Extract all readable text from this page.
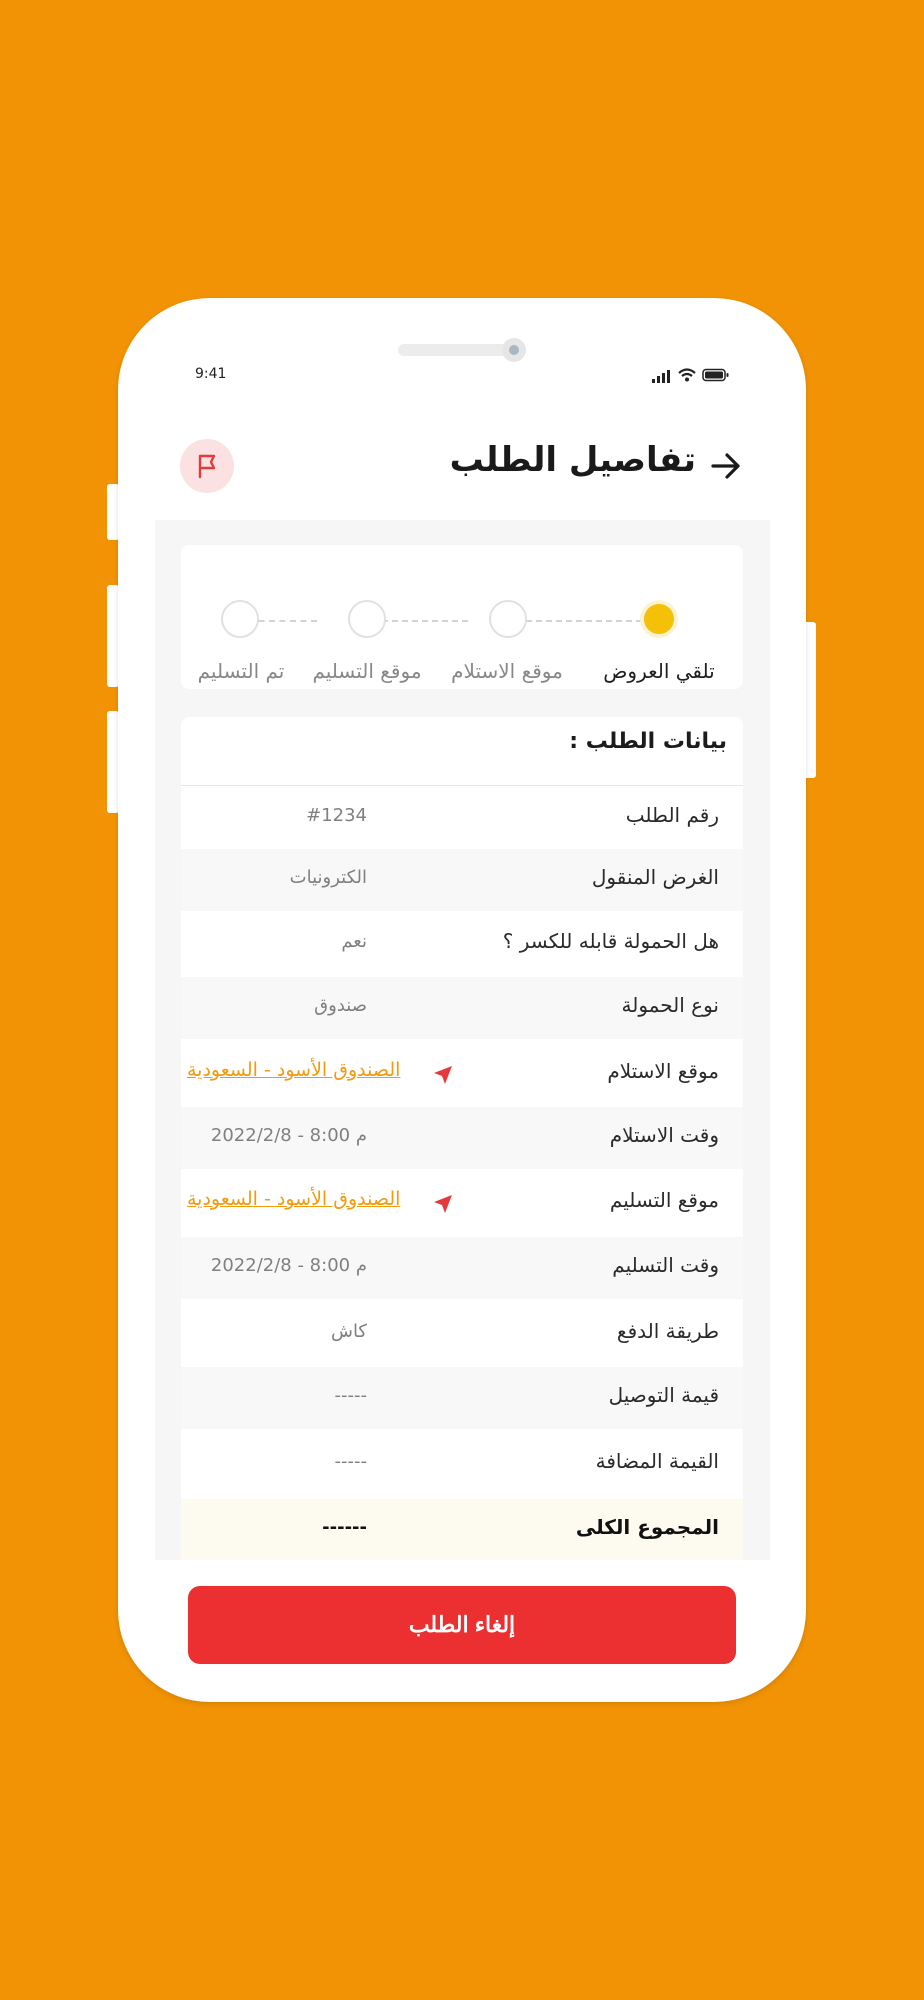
9:41
تفاصيل الطلب
تلقي العروض
موقع الاستلام
موقع التسليم
تم التسليم
بيانات الطلب :
رقم الطلب
#1234
الغرض المنقول
الكترونيات
هل الحمولة قابله للكسر ؟
نعم
نوع الحمولة
صندوق
موقع الاستلام
الصندوق الأسود - السعودية
وقت الاستلام
2022/2/8 - 8:00 م
موقع التسليم
الصندوق الأسود - السعودية
وقت التسليم
2022/2/8 - 8:00 م
طريقة الدفع
كاش
قيمة التوصيل
-----
القيمة المضافة
-----
المجموع الكلى
------
إلغاء الطلب
